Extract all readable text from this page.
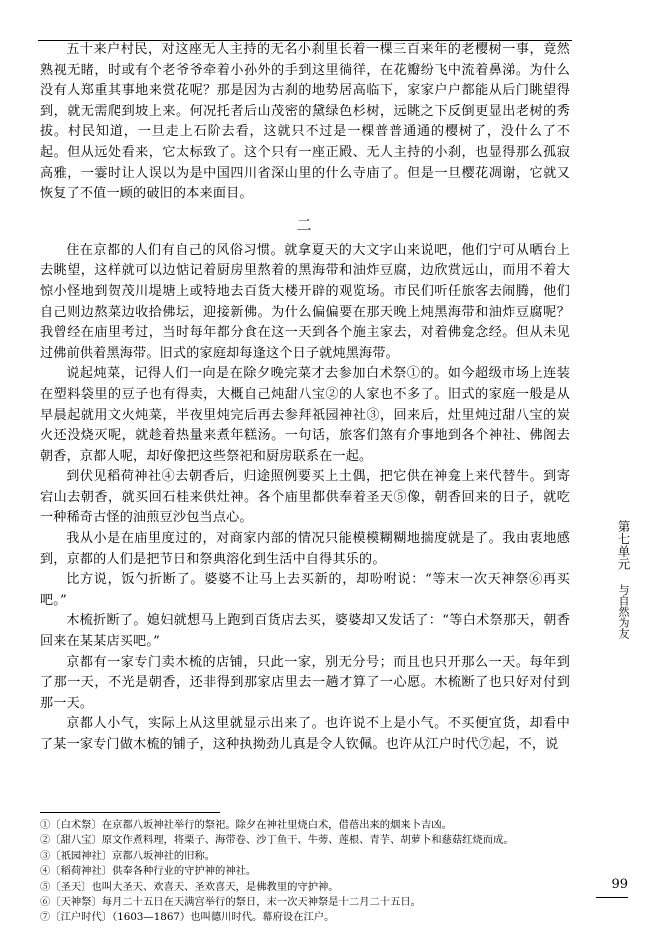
五十来户村民，对这座无人主持的无名小刹里长着一棵三百来年的老樱树一事，竟然熟视无睹，时或有个老爷爷牵着小孙外的手到这里徜徉，在花瓣纷飞中流着鼻涕。为什么没有人郑重其事地来赏花呢？那是因为古刹的地势居高临下，家家户户都能从后门眺望得到，就无需爬到坡上来。何况托者后山茂密的黛绿色杉树，远眺之下反倒更显出老树的秀拔。村民知道，一旦走上石阶去看，这就只不过是一棵普普通通的樱树了，没什么了不起。但从远处看来，它太标致了。这个只有一座正殿、无人主持的小刹，也显得那么孤寂高雅，一霎时让人误以为是中国四川省深山里的什么寺庙了。但是一旦樱花凋谢，它就又恢复了不值一顾的破旧的本来面目。

二

住在京都的人们有自己的风俗习惯。就拿夏天的大文字山来说吧，他们宁可从晒台上去眺望，这样就可以边惦记着厨房里熬着的黑海带和油炸豆腐，边欣赏远山，而用不着大惊小怪地到贺茂川堤塘上或特地去百货大楼开辟的观览场。市民们听任旅客去闹腾，他们自己则边熬菜边收拾佛坛，迎接新佛。为什么偏偏要在那天晚上炖黑海带和油炸豆腐呢？我曾经在庙里考过，当时每年都分食在这一天到各个施主家去，对着佛龛念经。但从未见过佛前供着黑海带。旧式的家庭却每逢这个日子就炖黑海带。

说起炖菜，记得人们一向是在除夕晚完菜才去参加白术祭①的。如今超级市场上连装在塑料袋里的豆子也有得卖，大概自己炖甜八宝②的人家也不多了。旧式的家庭一般是从早晨起就用文火炖菜，半夜里炖完后再去参拜祇园神社③，回来后，灶里炖过甜八宝的炭火还没烧灭呢，就趁着热量来煮年糕汤。一句话，旅客们煞有介事地到各个神社、佛阁去朝香，京都人呢，却好像把这些祭祀和厨房联系在一起。

到伏见稻荷神社④去朝香后，归途照例要买上土偶，把它供在神龛上来代替牛。到寄宕山去朝香，就买回石桂来供灶神。各个庙里都供奉着圣天⑤像，朝香回来的日子，就吃一种稀奇古怪的油煎豆沙包当点心。

我从小是在庙里度过的，对商家内部的情况只能模模糊糊地揣度就是了。我由衷地感到，京都的人们是把节日和祭典溶化到生活中自得其乐的。

比方说，饭勺折断了。婆婆不让马上去买新的，却吩咐说：“等末一次天神祭⑥再买吧。”

木梳折断了。媳妇就想马上跑到百货店去买，婆婆却又发话了：“等白术祭那天，朝香回来在某某店买吧。”

京都有一家专门卖木梳的店铺，只此一家，别无分号；而且也只开那么一天。每年到了那一天，不光是朝香，还非得到那家店里去一趟才算了一心愿。木梳断了也只好对付到那一天。

京都人小气，实际上从这里就显示出来了。也许说不上是小气。不买便宜货，却看中了某一家专门做木梳的铺子，这种执拗劲儿真是令人钦佩。也许从江户时代⑦起，不，说

①〔白术祭〕在京都八坂神社举行的祭祀。除夕在神社里烧白术，借蓓出来的烟来卜吉凶。

②〔甜八宝〕原文作煮料理，将栗子、海带卷、沙丁鱼干、牛蒡、莲根、青芋、胡萝卜和慈菇红烧而成。

③〔祇园神社〕京都八坂神社的旧称。

④〔稻荷神社〕供奉各种行业的守护神的神社。

⑤〔圣天〕也叫大圣天、欢喜天、圣欢喜天，是佛教里的守护神。

⑥〔天神祭〕每月二十五日在天满宫举行的祭日，末一次天神祭是十二月二十五日。

⑦〔江户时代〕（1603—1867）也叫德川时代。幕府设在江户。

第七单元
与自然为友
99
